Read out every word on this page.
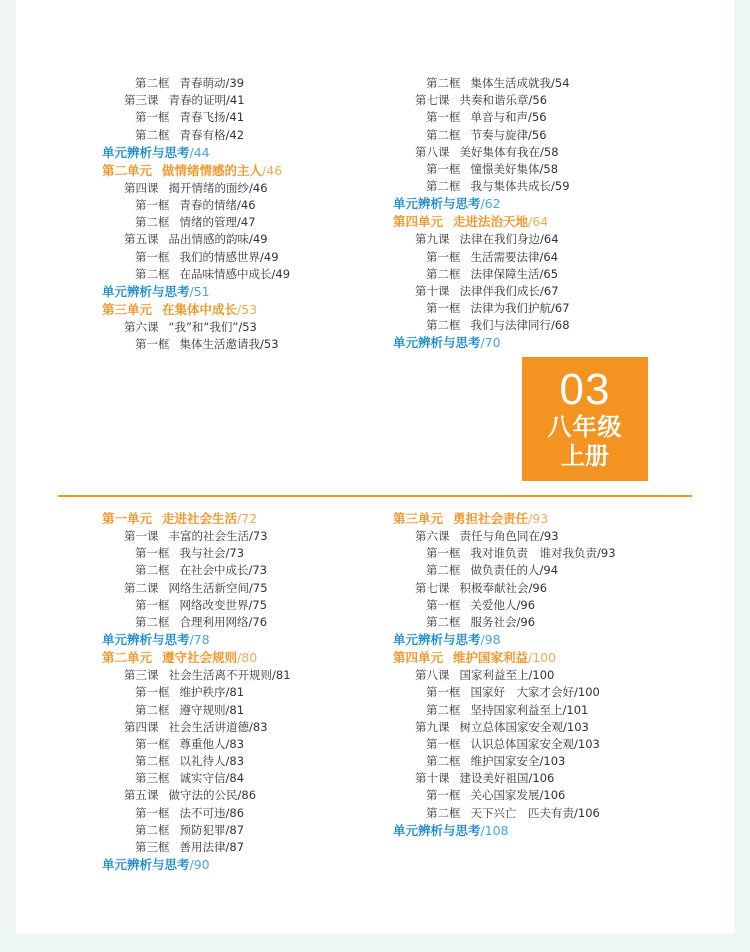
第二框 青春萌动/39
第三课 青春的证明/41
第一框 青春飞扬/41
第二框 青春有格/42
单元辨析与思考/44
第二单元 做情绪情感的主人/46
第四课 揭开情绪的面纱/46
第一框 青春的情绪/46
第二框 情绪的管理/47
第五课 品出情感的韵味/49
第一框 我们的情感世界/49
第二框 在品味情感中成长/49
单元辨析与思考/51
第三单元 在集体中成长/53
第六课 “我”和“我们”/53
第一框 集体生活邀请我/53
第二框 集体生活成就我/54
第七课 共奏和谐乐章/56
第一框 单音与和声/56
第二框 节奏与旋律/56
第八课 美好集体有我在/58
第一框 憧憬美好集体/58
第二框 我与集体共成长/59
单元辨析与思考/62
第四单元 走进法治天地/64
第九课 法律在我们身边/64
第一框 生活需要法律/64
第二框 法律保障生活/65
第十课 法律伴我们成长/67
第一框 法律为我们护航/67
第二框 我们与法律同行/68
单元辨析与思考/70
03
八年级
上册
第一单元 走进社会生活/72
第一课 丰富的社会生活/73
第一框 我与社会/73
第二框 在社会中成长/73
第二课 网络生活新空间/75
第一框 网络改变世界/75
第二框 合理利用网络/76
单元辨析与思考/78
第二单元 遵守社会规则/80
第三课 社会生活离不开规则/81
第一框 维护秩序/81
第二框 遵守规则/81
第四课 社会生活讲道德/83
第一框 尊重他人/83
第二框 以礼待人/83
第三框 诚实守信/84
第五课 做守法的公民/86
第一框 法不可违/86
第二框 预防犯罪/87
第三框 善用法律/87
单元辨析与思考/90
第三单元 勇担社会责任/93
第六课 责任与角色同在/93
第一框 我对谁负责　谁对我负责/93
第二框 做负责任的人/94
第七课 积极奉献社会/96
第一框 关爱他人/96
第二框 服务社会/96
单元辨析与思考/98
第四单元 维护国家利益/100
第八课 国家利益至上/100
第一框 国家好　大家才会好/100
第二框 坚持国家利益至上/101
第九课 树立总体国家安全观/103
第一框 认识总体国家安全观/103
第二框 维护国家安全/103
第十课 建设美好祖国/106
第一框 关心国家发展/106
第二框 天下兴亡　匹夫有责/106
单元辨析与思考/108
